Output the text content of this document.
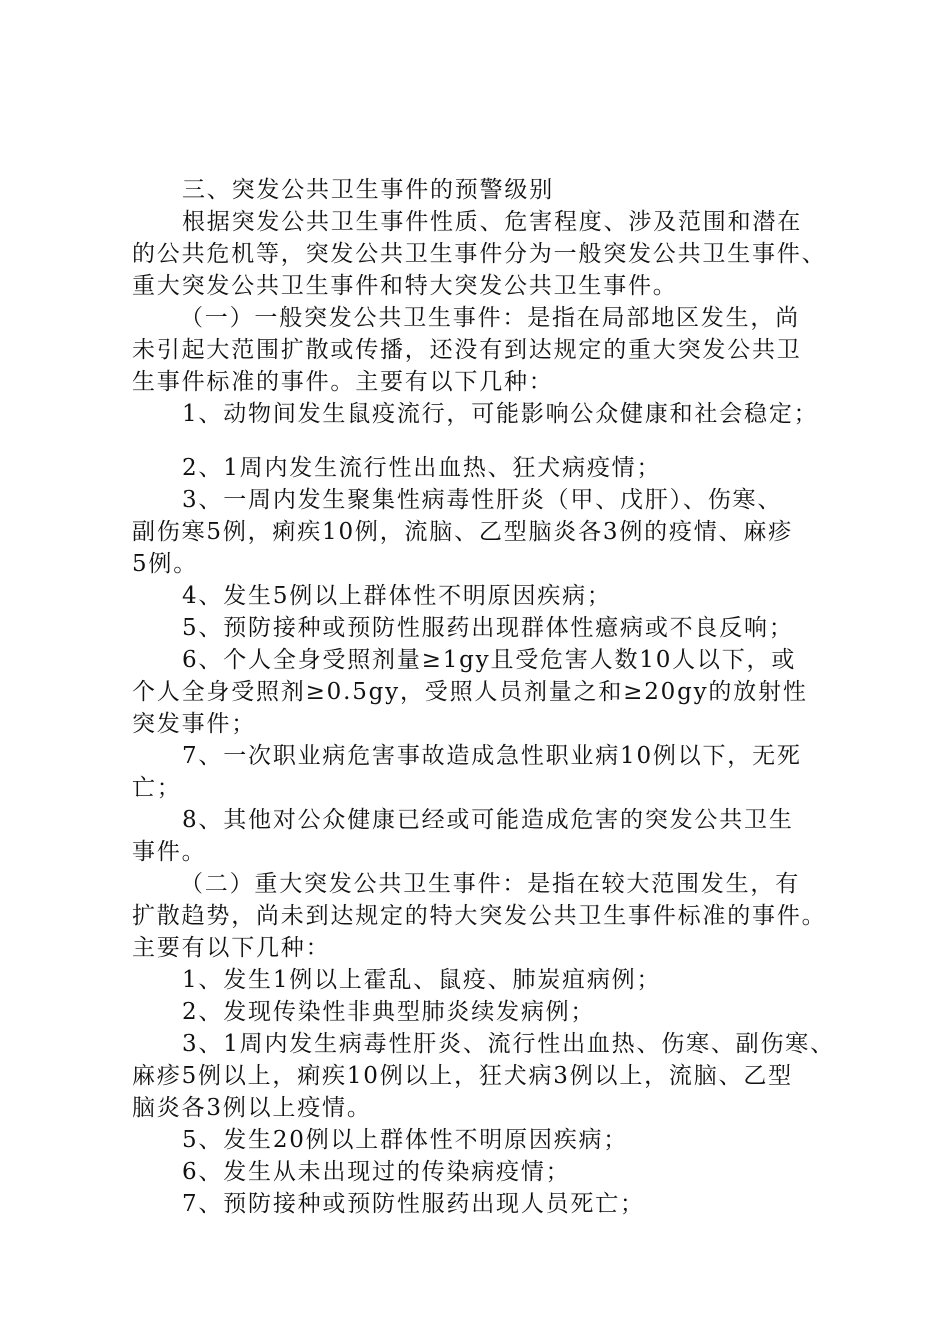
三、突发公共卫生事件的预警级别
根据突发公共卫生事件性质、危害程度、涉及范围和潜在
的公共危机等，突发公共卫生事件分为一般突发公共卫生事件、
重大突发公共卫生事件和特大突发公共卫生事件。
（一）一般突发公共卫生事件：是指在局部地区发生，尚
未引起大范围扩散或传播，还没有到达规定的重大突发公共卫
生事件标准的事件。主要有以下几种：
1、动物间发生鼠疫流行，可能影响公众健康和社会稳定；
2、1周内发生流行性出血热、狂犬病疫情；
3、一周内发生聚集性病毒性肝炎（甲、戊肝）、伤寒、
副伤寒5例，痢疾10例，流脑、乙型脑炎各3例的疫情、麻疹
5例。
4、发生5例以上群体性不明原因疾病；
5、预防接种或预防性服药出现群体性癔病或不良反响；
6、个人全身受照剂量≥1gy且受危害人数10人以下，或
个人全身受照剂≥0.5gy，受照人员剂量之和≥20gy的放射性
突发事件；
7、一次职业病危害事故造成急性职业病10例以下，无死
亡；
8、其他对公众健康已经或可能造成危害的突发公共卫生
事件。
（二）重大突发公共卫生事件：是指在较大范围发生，有
扩散趋势，尚未到达规定的特大突发公共卫生事件标准的事件。
主要有以下几种：
1、发生1例以上霍乱、鼠疫、肺炭疽病例；
2、发现传染性非典型肺炎续发病例；
3、1周内发生病毒性肝炎、流行性出血热、伤寒、副伤寒、
麻疹5例以上，痢疾10例以上，狂犬病3例以上，流脑、乙型
脑炎各3例以上疫情。
5、发生20例以上群体性不明原因疾病；
6、发生从未出现过的传染病疫情；
7、预防接种或预防性服药出现人员死亡；
